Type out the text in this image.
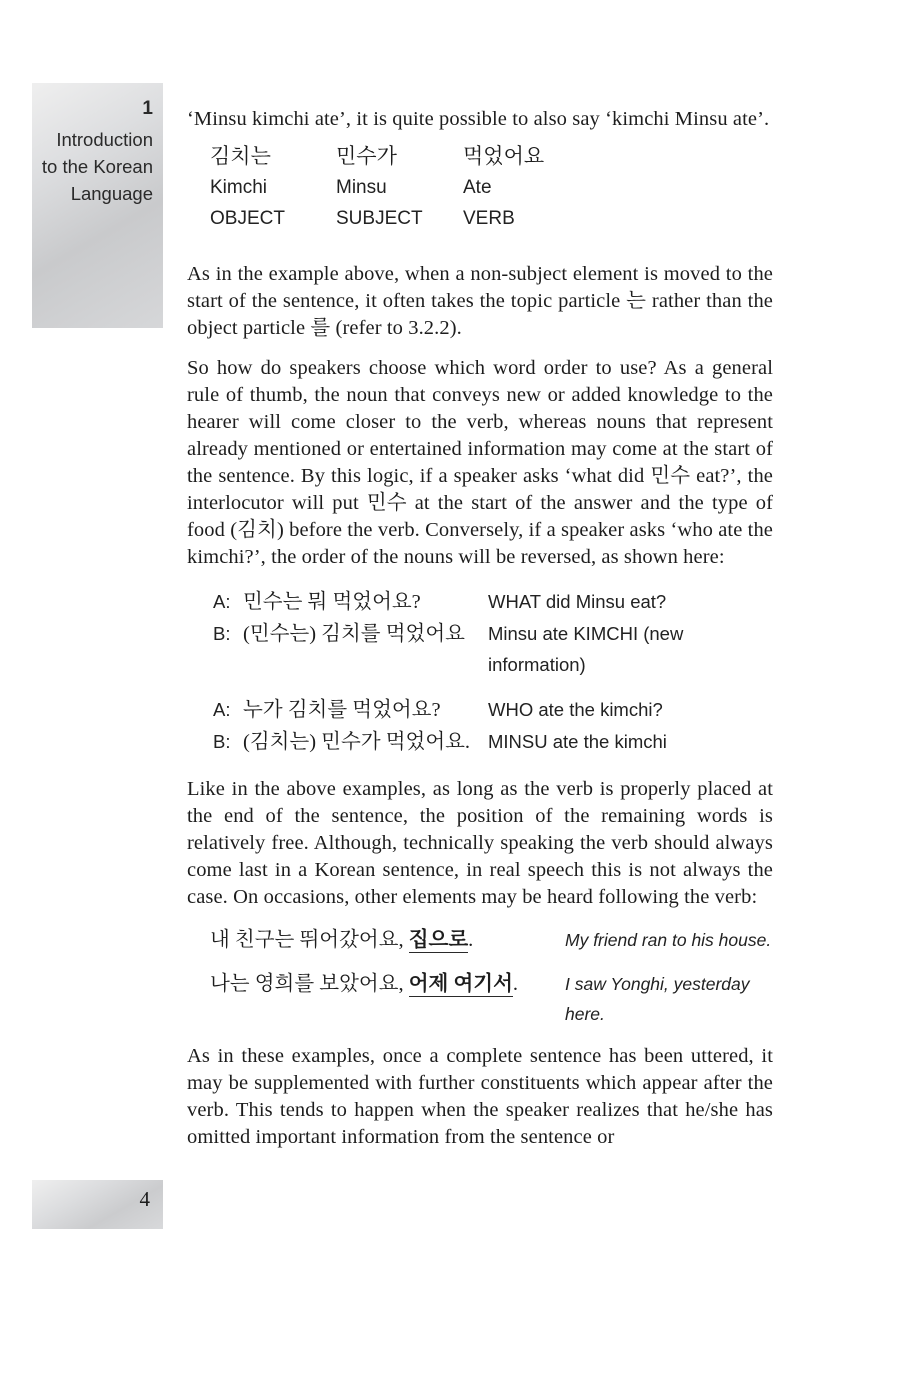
1
Introduction
to the Korean
Language

‘Minsu kimchi ate’, it is quite possible to also say ‘kimchi Minsu ate’.

김치는	민수가	먹었어요
Kimchi	Minsu	Ate
OBJECT	SUBJECT	VERB

As in the example above, when a non-subject element is moved to the start of the sentence, it often takes the topic particle 는 rather than the object particle 를 (refer to 3.2.2).

So how do speakers choose which word order to use? As a general rule of thumb, the noun that conveys new or added knowledge to the hearer will come closer to the verb, whereas nouns that represent already mentioned or entertained information may come at the start of the sentence. By this logic, if a speaker asks ‘what did 민수 eat?’, the interlocutor will put 민수 at the start of the answer and the type of food (김치) before the verb. Conversely, if a speaker asks ‘who ate the kimchi?’, the order of the nouns will be reversed, as shown here:

A: 민수는 뭐 먹었어요?	WHAT did Minsu eat?
B: (민수는) 김치를 먹었어요	Minsu ate KIMCHI (new information)
A: 누가 김치를 먹었어요?	WHO ate the kimchi?
B: (김치는) 민수가 먹었어요. MINSU ate the kimchi

Like in the above examples, as long as the verb is properly placed at the end of the sentence, the position of the remaining words is relatively free. Although, technically speaking the verb should always come last in a Korean sentence, in real speech this is not always the case. On occasions, other elements may be heard following the verb:

내 친구는 뛰어갔어요, 집으로.	My friend ran to his house.
나는 영희를 보았어요, 어제 여기서.	I saw Yonghi, yesterday here.

As in these examples, once a complete sentence has been uttered, it may be supplemented with further constituents which appear after the verb. This tends to happen when the speaker realizes that he/she has omitted important information from the sentence or

4
